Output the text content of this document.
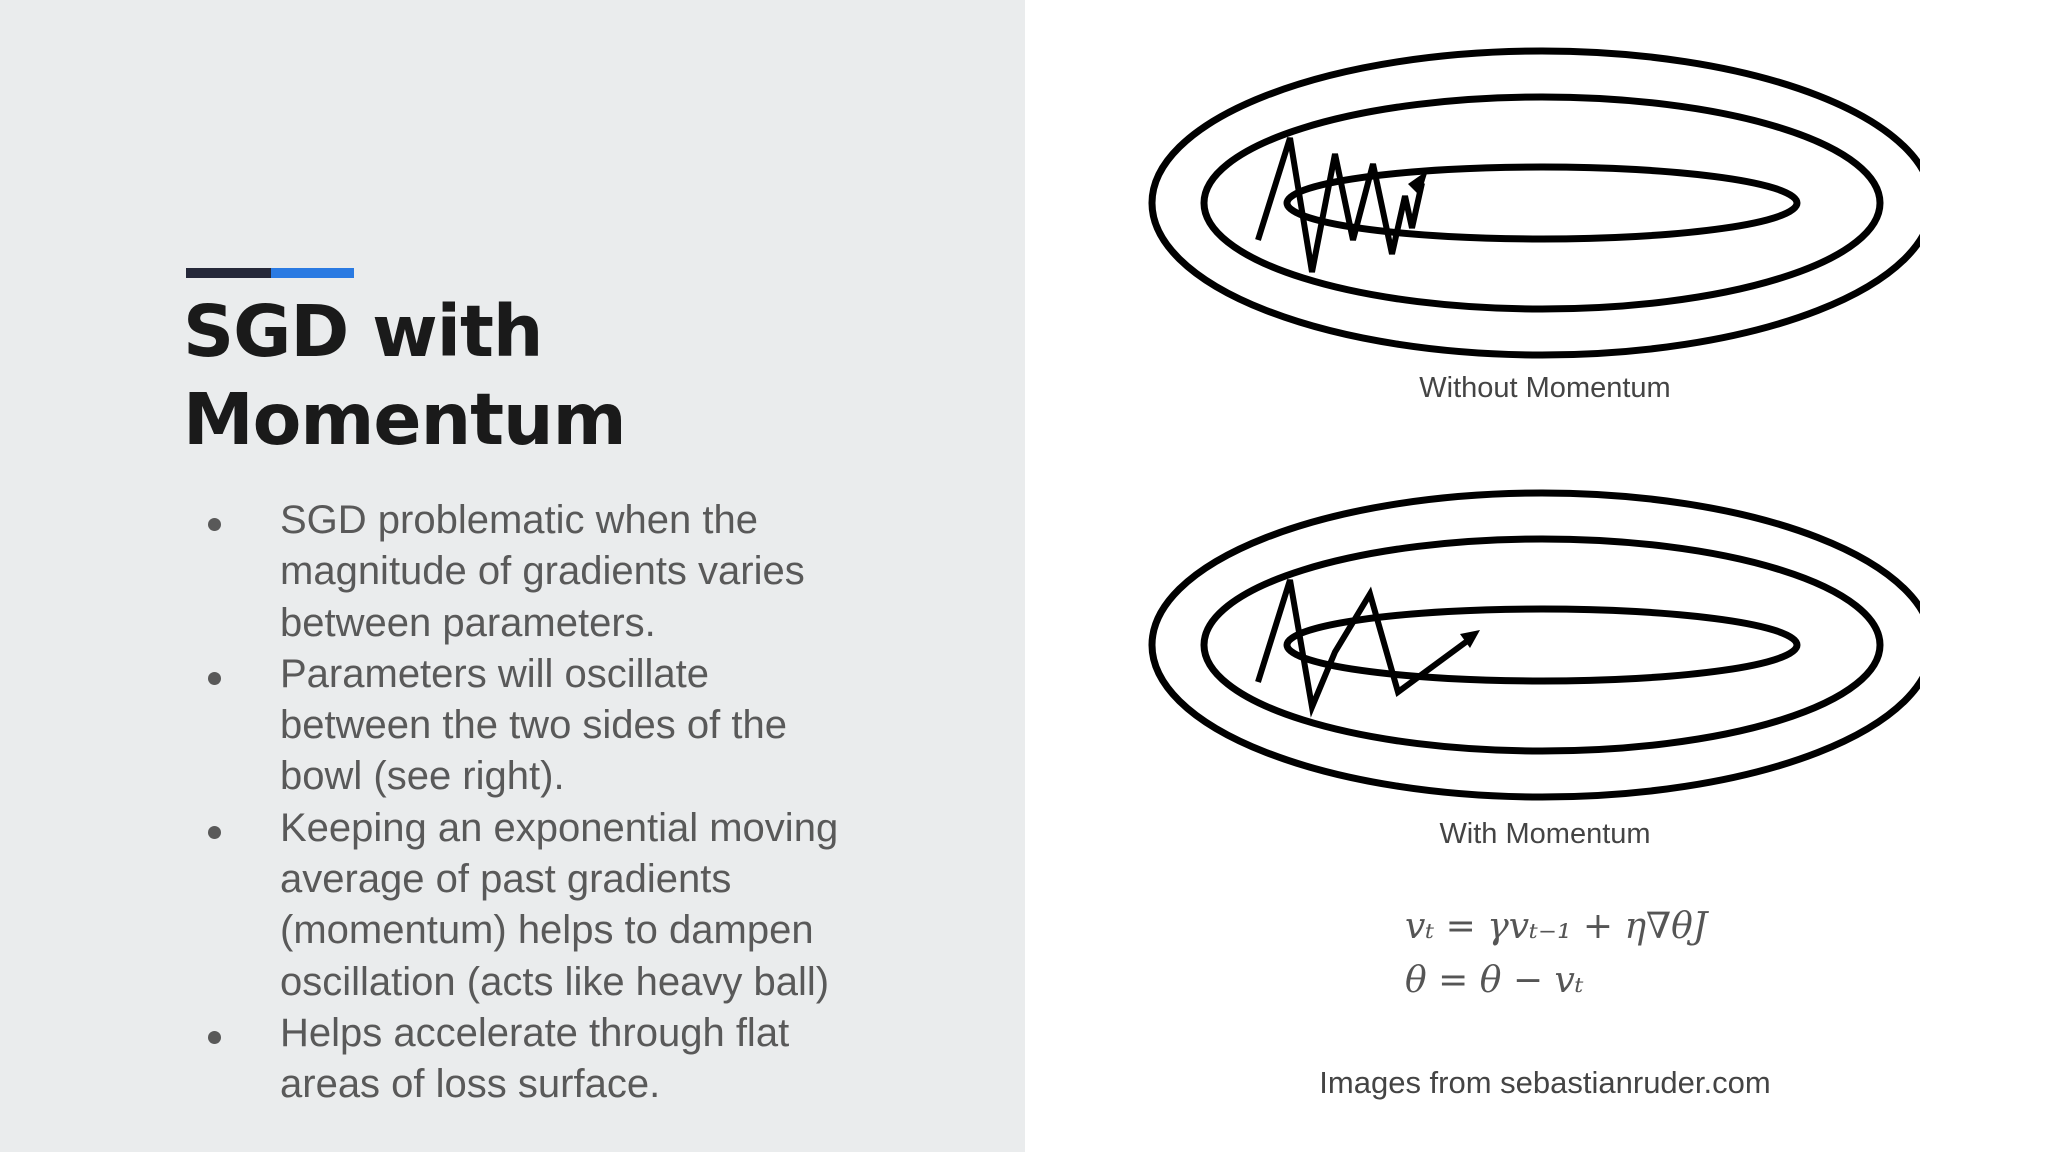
SGD with
Momentum
SGD problematic when the
magnitude of gradients varies
between parameters.
Parameters will oscillate
between the two sides of the
bowl (see right).
Keeping an exponential moving
average of past gradients
(momentum) helps to dampen
oscillation (acts like heavy ball)
Helps accelerate through flat
areas of loss surface.
Without Momentum
With Momentum
vₜ = γvₜ₋₁ + η∇θJ
θ = θ − vₜ
Images from sebastianruder.com
